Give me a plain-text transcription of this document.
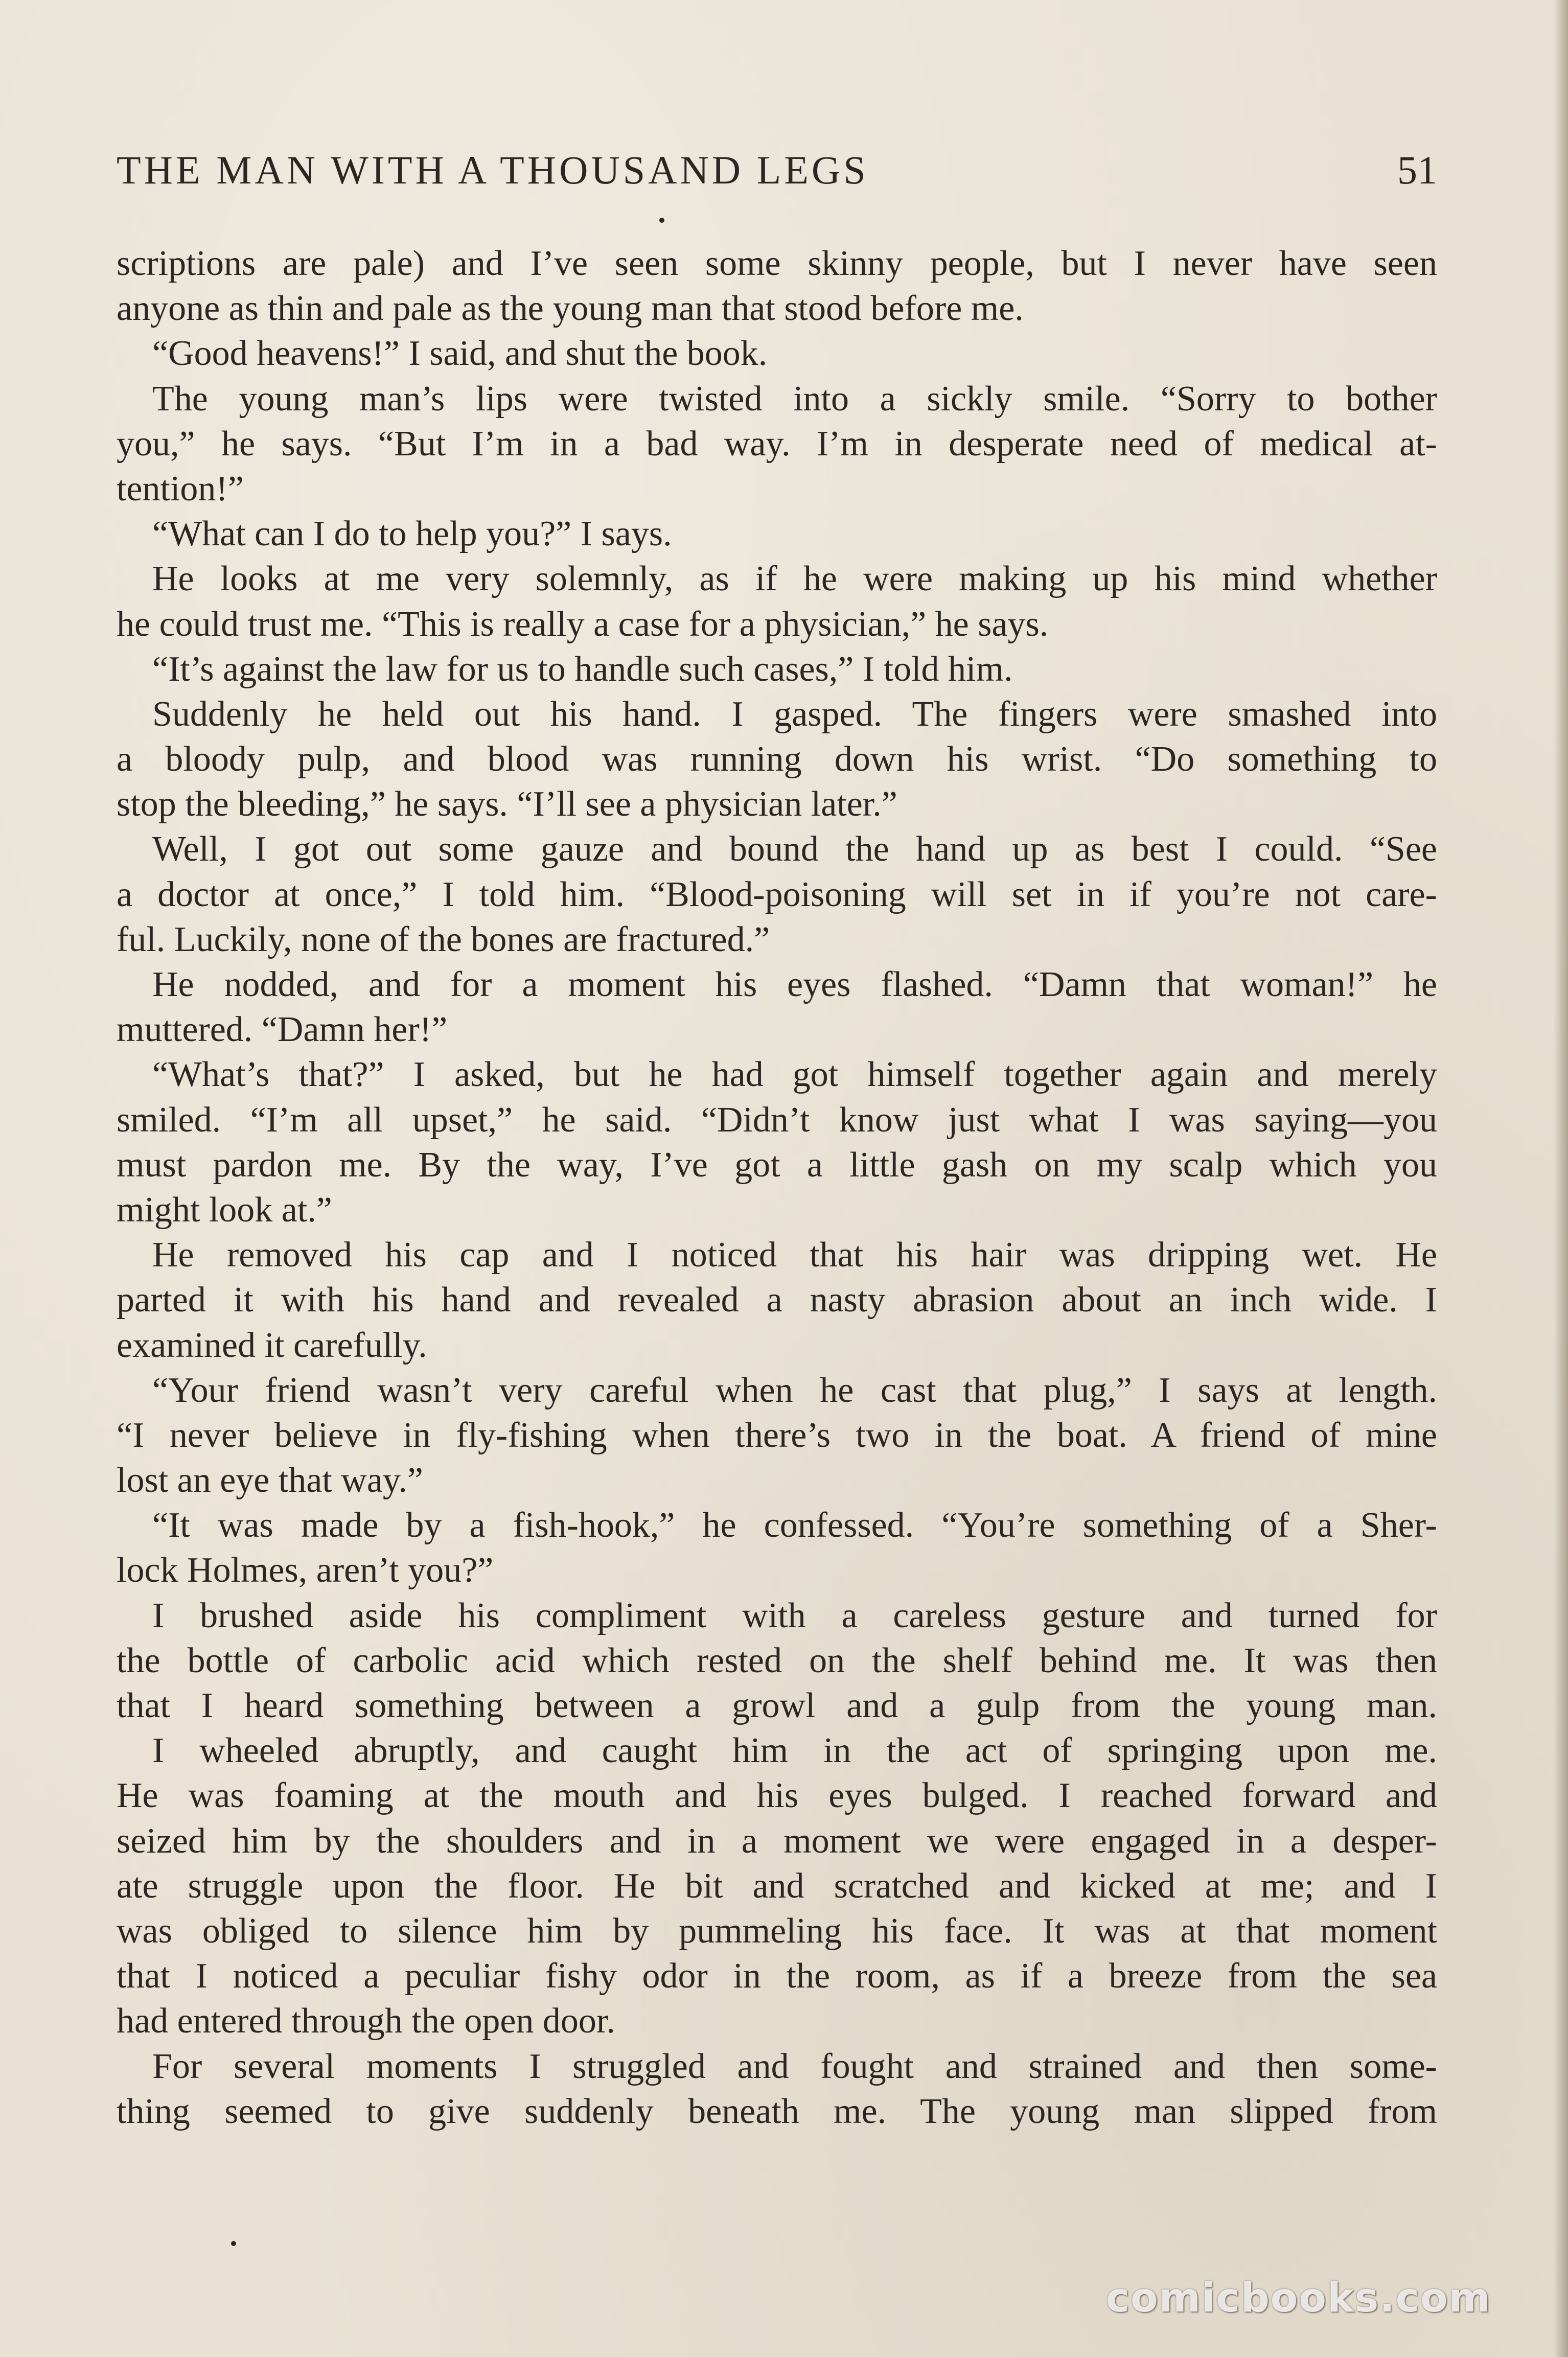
THE MAN WITH A THOUSAND LEGS	51
scriptions are pale) and I’ve seen some skinny people, but I never have seen
anyone as thin and pale as the young man that stood before me.
“Good heavens!” I said, and shut the book.
The young man’s lips were twisted into a sickly smile. “Sorry to bother
you,” he says. “But I’m in a bad way. I’m in desperate need of medical at-
tention!”
“What can I do to help you?” I says.
He looks at me very solemnly, as if he were making up his mind whether
he could trust me. “This is really a case for a physician,” he says.
“It’s against the law for us to handle such cases,” I told him.
Suddenly he held out his hand. I gasped. The fingers were smashed into
a bloody pulp, and blood was running down his wrist. “Do something to
stop the bleeding,” he says. “I’ll see a physician later.”
Well, I got out some gauze and bound the hand up as best I could. “See
a doctor at once,” I told him. “Blood-poisoning will set in if you’re not care-
ful. Luckily, none of the bones are fractured.”
He nodded, and for a moment his eyes flashed. “Damn that woman!” he
muttered. “Damn her!”
“What’s that?” I asked, but he had got himself together again and merely
smiled. “I’m all upset,” he said. “Didn’t know just what I was saying—you
must pardon me. By the way, I’ve got a little gash on my scalp which you
might look at.”
He removed his cap and I noticed that his hair was dripping wet. He
parted it with his hand and revealed a nasty abrasion about an inch wide. I
examined it carefully.
“Your friend wasn’t very careful when he cast that plug,” I says at length.
“I never believe in fly-fishing when there’s two in the boat. A friend of mine
lost an eye that way.”
“It was made by a fish-hook,” he confessed. “You’re something of a Sher-
lock Holmes, aren’t you?”
I brushed aside his compliment with a careless gesture and turned for
the bottle of carbolic acid which rested on the shelf behind me. It was then
that I heard something between a growl and a gulp from the young man.
I wheeled abruptly, and caught him in the act of springing upon me.
He was foaming at the mouth and his eyes bulged. I reached forward and
seized him by the shoulders and in a moment we were engaged in a desper-
ate struggle upon the floor. He bit and scratched and kicked at me; and I
was obliged to silence him by pummeling his face. It was at that moment
that I noticed a peculiar fishy odor in the room, as if a breeze from the sea
had entered through the open door.
For several moments I struggled and fought and strained and then some-
thing seemed to give suddenly beneath me. The young man slipped from
comicbooks.com
